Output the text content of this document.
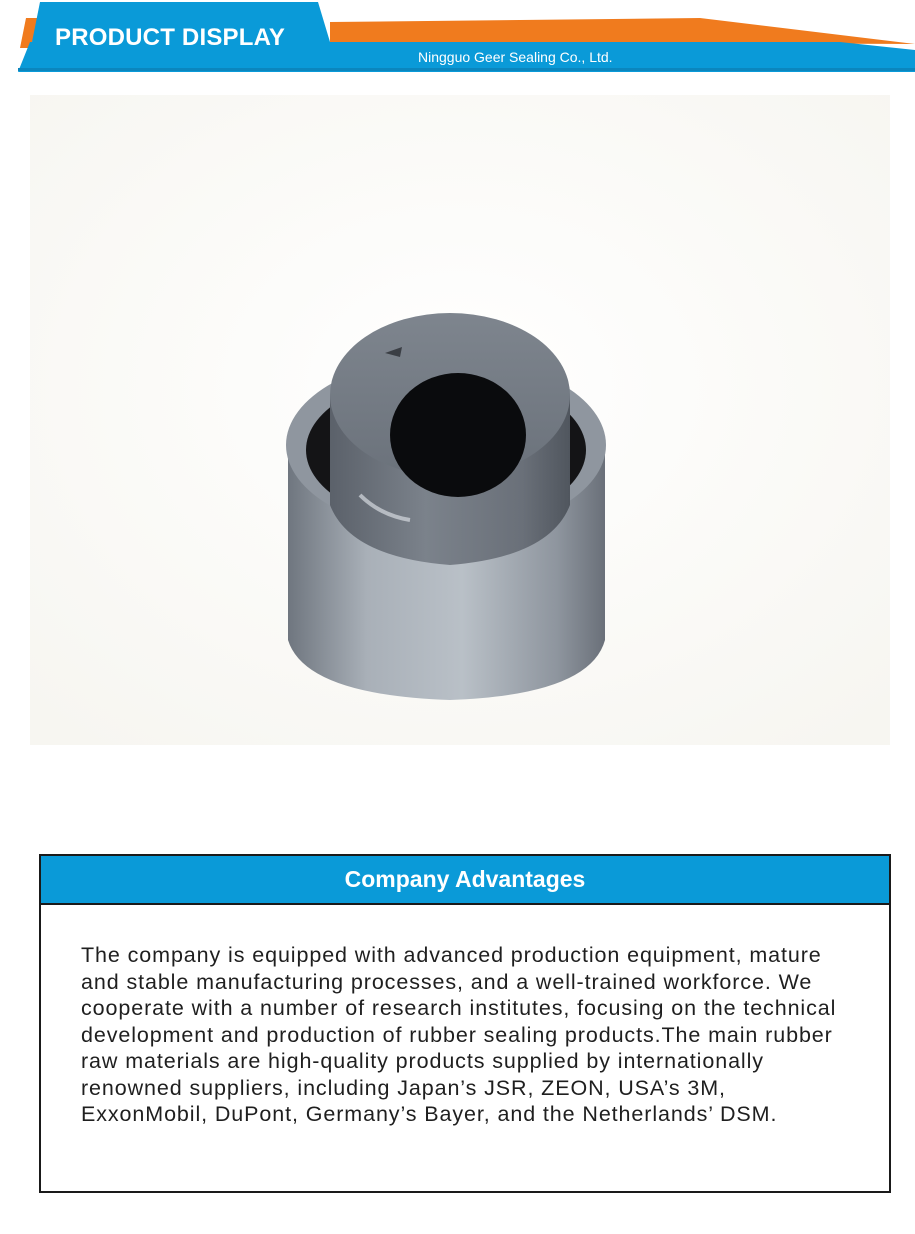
PRODUCT DISPLAY
Ningguo Geer Sealing Co., Ltd.
Company Advantages
The company is equipped with advanced production equipment, mature and stable manufacturing processes, and a well-trained workforce. We cooperate with a number of research institutes, focusing on the technical development and production of rubber sealing products.The main rubber raw materials are high-quality products supplied by internationally renowned suppliers, including Japan’s JSR, ZEON, USA’s 3M, ExxonMobil, DuPont, Germany’s Bayer, and the Netherlands’ DSM.
